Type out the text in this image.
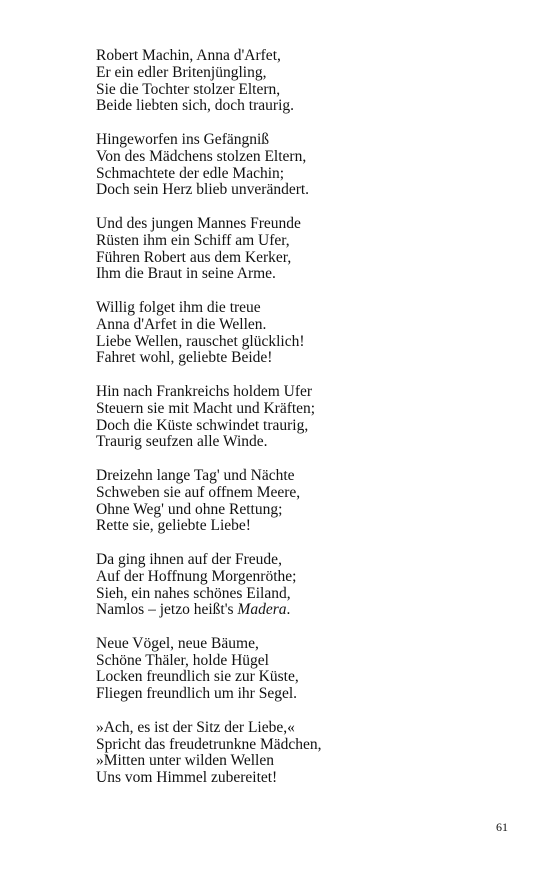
Robert Machin, Anna d'Arfet,
Er ein edler Britenjüngling,
Sie die Tochter stolzer Eltern,
Beide liebten sich, doch traurig.
Hingeworfen ins Gefängniß
Von des Mädchens stolzen Eltern,
Schmachtete der edle Machin;
Doch sein Herz blieb unverändert.
Und des jungen Mannes Freunde
Rüsten ihm ein Schiff am Ufer,
Führen Robert aus dem Kerker,
Ihm die Braut in seine Arme.
Willig folget ihm die treue
Anna d'Arfet in die Wellen.
Liebe Wellen, rauschet glücklich!
Fahret wohl, geliebte Beide!
Hin nach Frankreichs holdem Ufer
Steuern sie mit Macht und Kräften;
Doch die Küste schwindet traurig,
Traurig seufzen alle Winde.
Dreizehn lange Tag' und Nächte
Schweben sie auf offnem Meere,
Ohne Weg' und ohne Rettung;
Rette sie, geliebte Liebe!
Da ging ihnen auf der Freude,
Auf der Hoffnung Morgenröthe;
Sieh, ein nahes schönes Eiland,
Namlos – jetzo heißt's Madera.
Neue Vögel, neue Bäume,
Schöne Thäler, holde Hügel
Locken freundlich sie zur Küste,
Fliegen freundlich um ihr Segel.
»Ach, es ist der Sitz der Liebe,«
Spricht das freudetrunkne Mädchen,
»Mitten unter wilden Wellen
Uns vom Himmel zubereitet!
61
